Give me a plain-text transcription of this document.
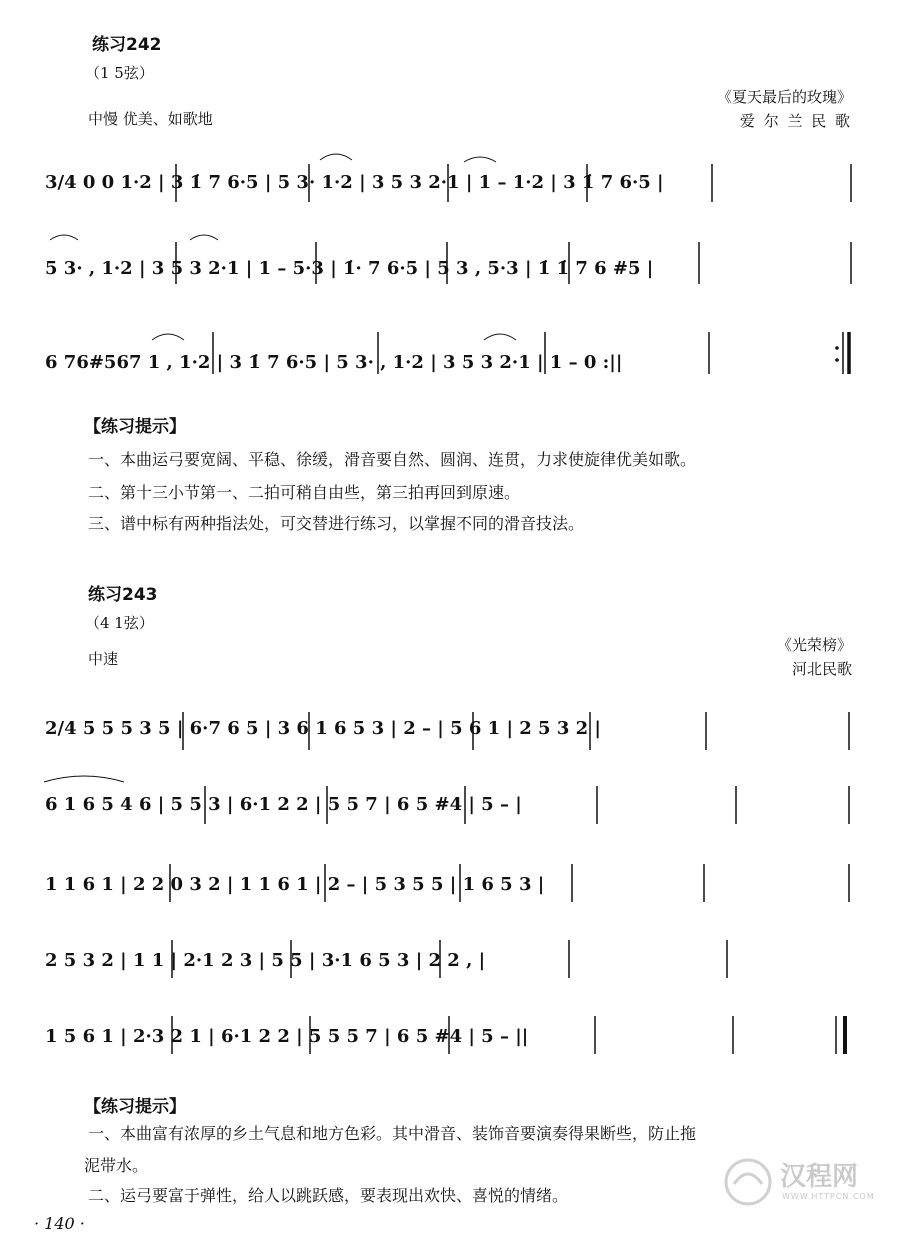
练习242
（1 5弦）
《夏天最后的玫瑰》
爱 尔 兰 民 歌
中慢 优美、如歌地
3/4 0 0 1·2 | 3 1̇ 7 6·5 | 5 3· 1·2 | 3 5 3 2·1 | 1 – 1·2 | 3 1̇ 7 6·5 |
5 3· , 1·2 | 3 5 3 2·1 | 1 – 5·3 | 1̇· 7 6·5 | 5 3 , 5·3 | 1̇ 1̇ 7 6 #5 |
6 76#567 1 , 1·2 | 3 1̇ 7 6·5 | 5 3· , 1·2 | 3 5 3 2·1 | 1 – 0 :||
【练习提示】
一、本曲运弓要宽阔、平稳、徐缓，滑音要自然、圆润、连贯，力求使旋律优美如歌。
二、第十三小节第一、二拍可稍自由些，第三拍再回到原速。
三、谱中标有两种指法处，可交替进行练习，以掌握不同的滑音技法。
练习243
（4 1弦）
《光荣榜》
河北民歌
中速
2/4 5 5 5 3 5 | 6·7 6 5 | 3 6 1 6 5 3 | 2 – | 5 6 1 | 2 5 3 2 |
6 1 6 5 4 6 | 5 5 3 | 6·1 2 2 | 5 5 7 | 6 5 #4 | 5 – |
1 1 6 1 | 2 2 0 3 2 | 1 1 6 1 | 2 – | 5 3 5 5 | 1 6 5 3 |
2 5 3 2 | 1 1 | 2·1 2 3 | 5 5 | 3·1 6 5 3 | 2 2 , |
1 5 6 1 | 2·3 2 1 | 6·1 2 2 | 5 5 5 7 | 6 5 #4 | 5 – ||
【练习提示】
一、本曲富有浓厚的乡土气息和地方色彩。其中滑音、装饰音要演奏得果断些，防止拖
泥带水。
二、运弓要富于弹性，给人以跳跃感，要表现出欢快、喜悦的情绪。
· 140 ·
汉程网
WWW.HTTPCN.COM
